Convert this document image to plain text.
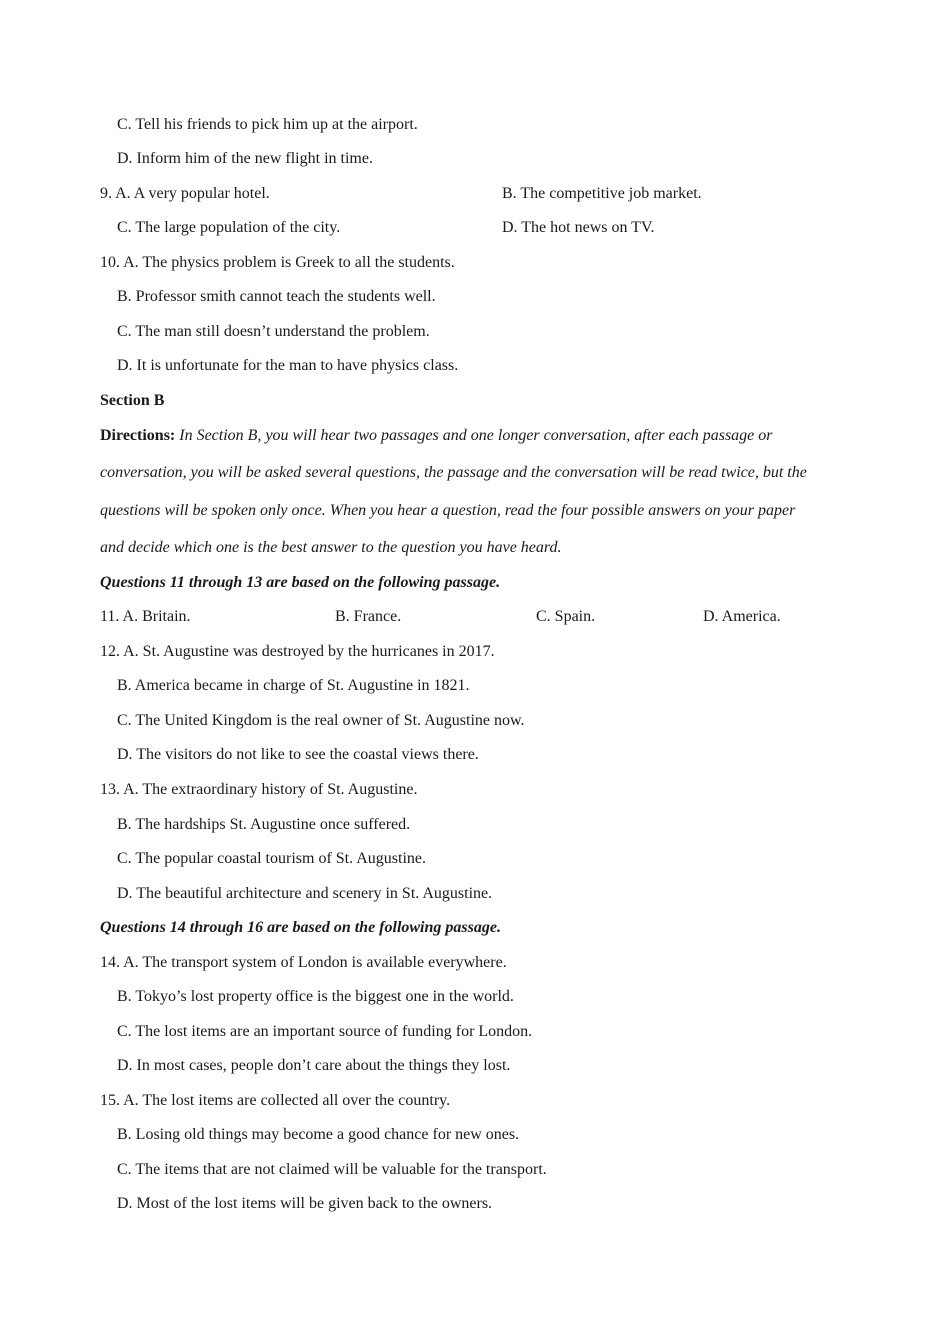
C. Tell his friends to pick him up at the airport.
D. Inform him of the new flight in time.
9. A. A very popular hotel.	B. The competitive job market.
C. The large population of the city.	D. The hot news on TV.
10. A. The physics problem is Greek to all the students.
B. Professor smith cannot teach the students well.
C. The man still doesn’t understand the problem.
D. It is unfortunate for the man to have physics class.
Section B
Directions: In Section B, you will hear two passages and one longer conversation, after each passage or
conversation, you will be asked several questions, the passage and the conversation will be read twice, but the
questions will be spoken only once. When you hear a question, read the four possible answers on your paper
and decide which one is the best answer to the question you have heard.
Questions 11 through 13 are based on the following passage.
11. A. Britain.	B. France.	C. Spain.	D. America.
12. A. St. Augustine was destroyed by the hurricanes in 2017.
B. America became in charge of St. Augustine in 1821.
C. The United Kingdom is the real owner of St. Augustine now.
D. The visitors do not like to see the coastal views there.
13. A. The extraordinary history of St. Augustine.
B. The hardships St. Augustine once suffered.
C. The popular coastal tourism of St. Augustine.
D. The beautiful architecture and scenery in St. Augustine.
Questions 14 through 16 are based on the following passage.
14. A. The transport system of London is available everywhere.
B. Tokyo’s lost property office is the biggest one in the world.
C. The lost items are an important source of funding for London.
D. In most cases, people don’t care about the things they lost.
15. A. The lost items are collected all over the country.
B. Losing old things may become a good chance for new ones.
C. The items that are not claimed will be valuable for the transport.
D. Most of the lost items will be given back to the owners.
